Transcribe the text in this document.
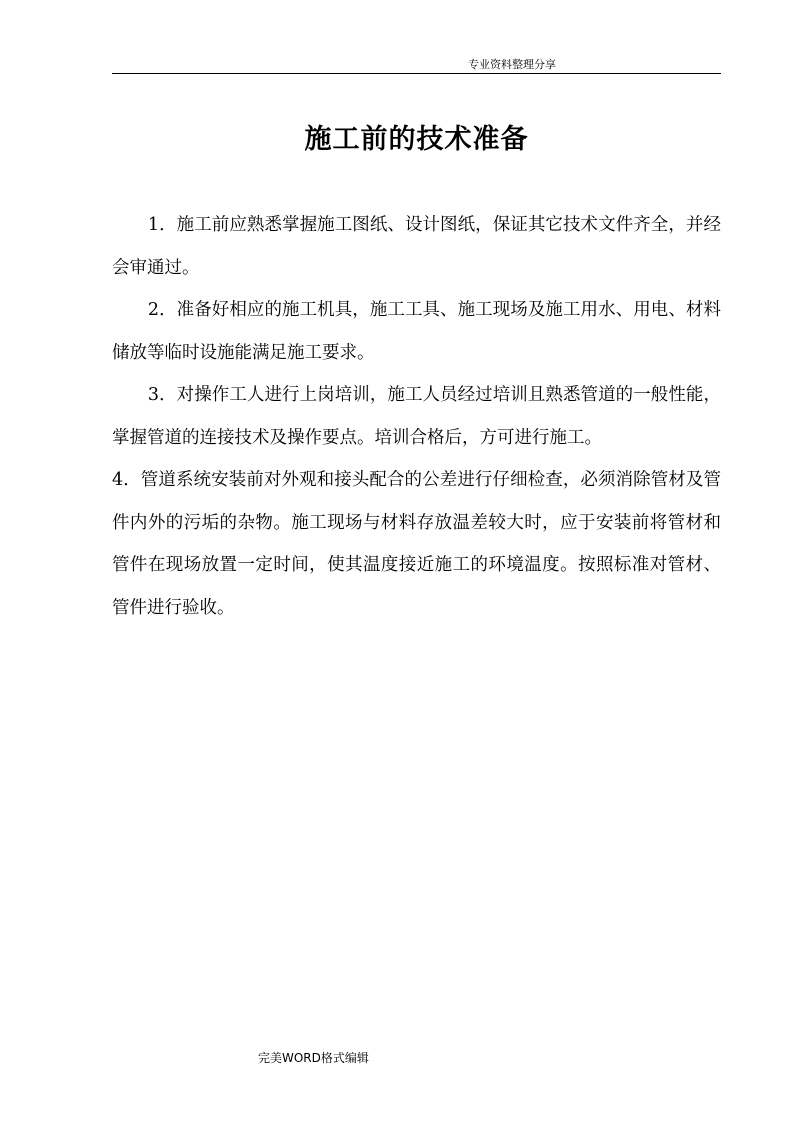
专业资料整理分享
施工前的技术准备

1．施工前应熟悉掌握施工图纸、设计图纸，保证其它技术文件齐全，并经会审通过。

2．准备好相应的施工机具，施工工具、施工现场及施工用水、用电、材料储放等临时设施能满足施工要求。

3．对操作工人进行上岗培训，施工人员经过培训且熟悉管道的一般性能，掌握管道的连接技术及操作要点。培训合格后，方可进行施工。

4．管道系统安装前对外观和接头配合的公差进行仔细检查，必须消除管材及管件内外的污垢的杂物。施工现场与材料存放温差较大时，应于安装前将管材和管件在现场放置一定时间，使其温度接近施工的环境温度。按照标准对管材、管件进行验收。

完美WORD格式编辑
